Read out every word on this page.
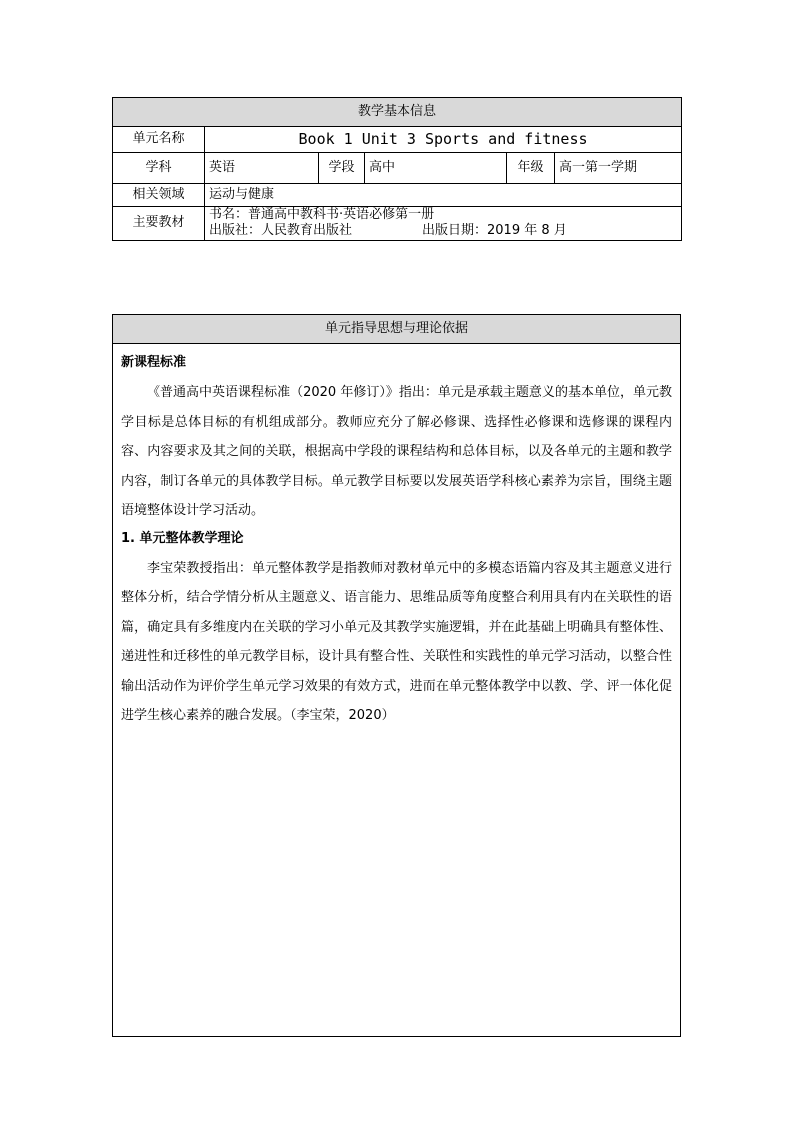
教学基本信息					
单元名称	Book 1 Unit 3 Sports and fitness				
学科	英语	学段	高中	年级	高一第一学期
相关领域	运动与健康				
主要教材	书名：普通高中教科书·英语必修第一册
出版社：人民教育出版社 出版日期：2019 年 8 月				
单元指导思想与理论依据

新课程标准

《普通高中英语课程标准（2020 年修订）》指出：单元是承载主题意义的基本单位，单元教学目标是总体目标的有机组成部分。教师应充分了解必修课、选择性必修课和选修课的课程内容、内容要求及其之间的关联，根据高中学段的课程结构和总体目标，以及各单元的主题和教学内容，制订各单元的具体教学目标。单元教学目标要以发展英语学科核心素养为宗旨，围绕主题语境整体设计学习活动。

1. 单元整体教学理论

李宝荣教授指出：单元整体教学是指教师对教材单元中的多模态语篇内容及其主题意义进行整体分析，结合学情分析从主题意义、语言能力、思维品质等角度整合利用具有内在关联性的语篇，确定具有多维度内在关联的学习小单元及其教学实施逻辑，并在此基础上明确具有整体性、递进性和迁移性的单元教学目标，设计具有整合性、关联性和实践性的单元学习活动，以整合性输出活动作为评价学生单元学习效果的有效方式，进而在单元整体教学中以教、学、评一体化促进学生核心素养的融合发展。（李宝荣，2020）
